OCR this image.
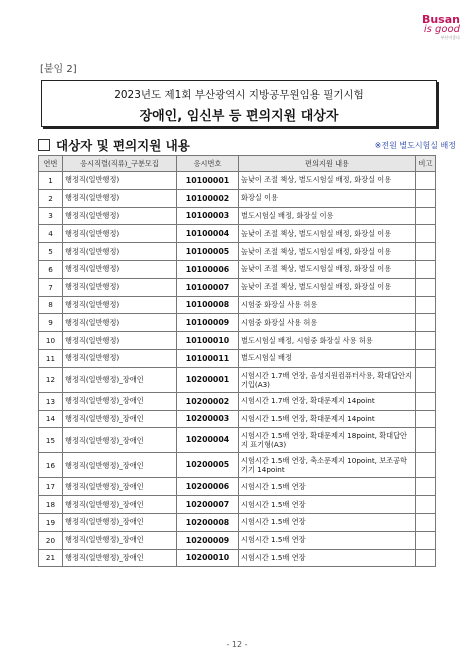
Busan
is good
부산이좋다
[붙임 2]
2023년도 제1회 부산광역시 지방공무원임용 필기시험
장애인, 임신부 등 편의지원 대상자
대상자 및 편의지원 내용	※전원 별도시험실 배정
연번	응시직렬(직류)_구분모집	응시번호	편의지원 내용	비고
1	행정직(일반행정)	10100001	높낮이 조절 책상, 별도시험실 배정, 화장실 이용	
2	행정직(일반행정)	10100002	화장실 이용	
3	행정직(일반행정)	10100003	별도시험실 배정, 화장실 이용	
4	행정직(일반행정)	10100004	높낮이 조절 책상, 별도시험실 배정, 화장실 이용	
5	행정직(일반행정)	10100005	높낮이 조절 책상, 별도시험실 배정, 화장실 이용	
6	행정직(일반행정)	10100006	높낮이 조절 책상, 별도시험실 배정, 화장실 이용	
7	행정직(일반행정)	10100007	높낮이 조절 책상, 별도시험실 배정, 화장실 이용	
8	행정직(일반행정)	10100008	시험중 화장실 사용 허용	
9	행정직(일반행정)	10100009	시험중 화장실 사용 허용	
10	행정직(일반행정)	10100010	별도시험실 배정, 시험중 화장실 사용 허용	
11	행정직(일반행정)	10100011	별도시험실 배정	
12	행정직(일반행정)_장애인	10200001	시험시간 1.7배 연장, 음성지원컴퓨터사용, 확대답안지 기입(A3)	
13	행정직(일반행정)_장애인	10200002	시험시간 1.7배 연장, 확대문제지 14point	
14	행정직(일반행정)_장애인	10200003	시험시간 1.5배 연장, 확대문제지 14point	
15	행정직(일반행정)_장애인	10200004	시험시간 1.5배 연장, 확대문제지 18point, 확대답안지 표기형(A3)	
16	행정직(일반행정)_장애인	10200005	시험시간 1.5배 연장, 축소문제지 10point, 보조공학기기 14point	
17	행정직(일반행정)_장애인	10200006	시험시간 1.5배 연장	
18	행정직(일반행정)_장애인	10200007	시험시간 1.5배 연장	
19	행정직(일반행정)_장애인	10200008	시험시간 1.5배 연장	
20	행정직(일반행정)_장애인	10200009	시험시간 1.5배 연장	
21	행정직(일반행정)_장애인	10200010	시험시간 1.5배 연장	
- 12 -
